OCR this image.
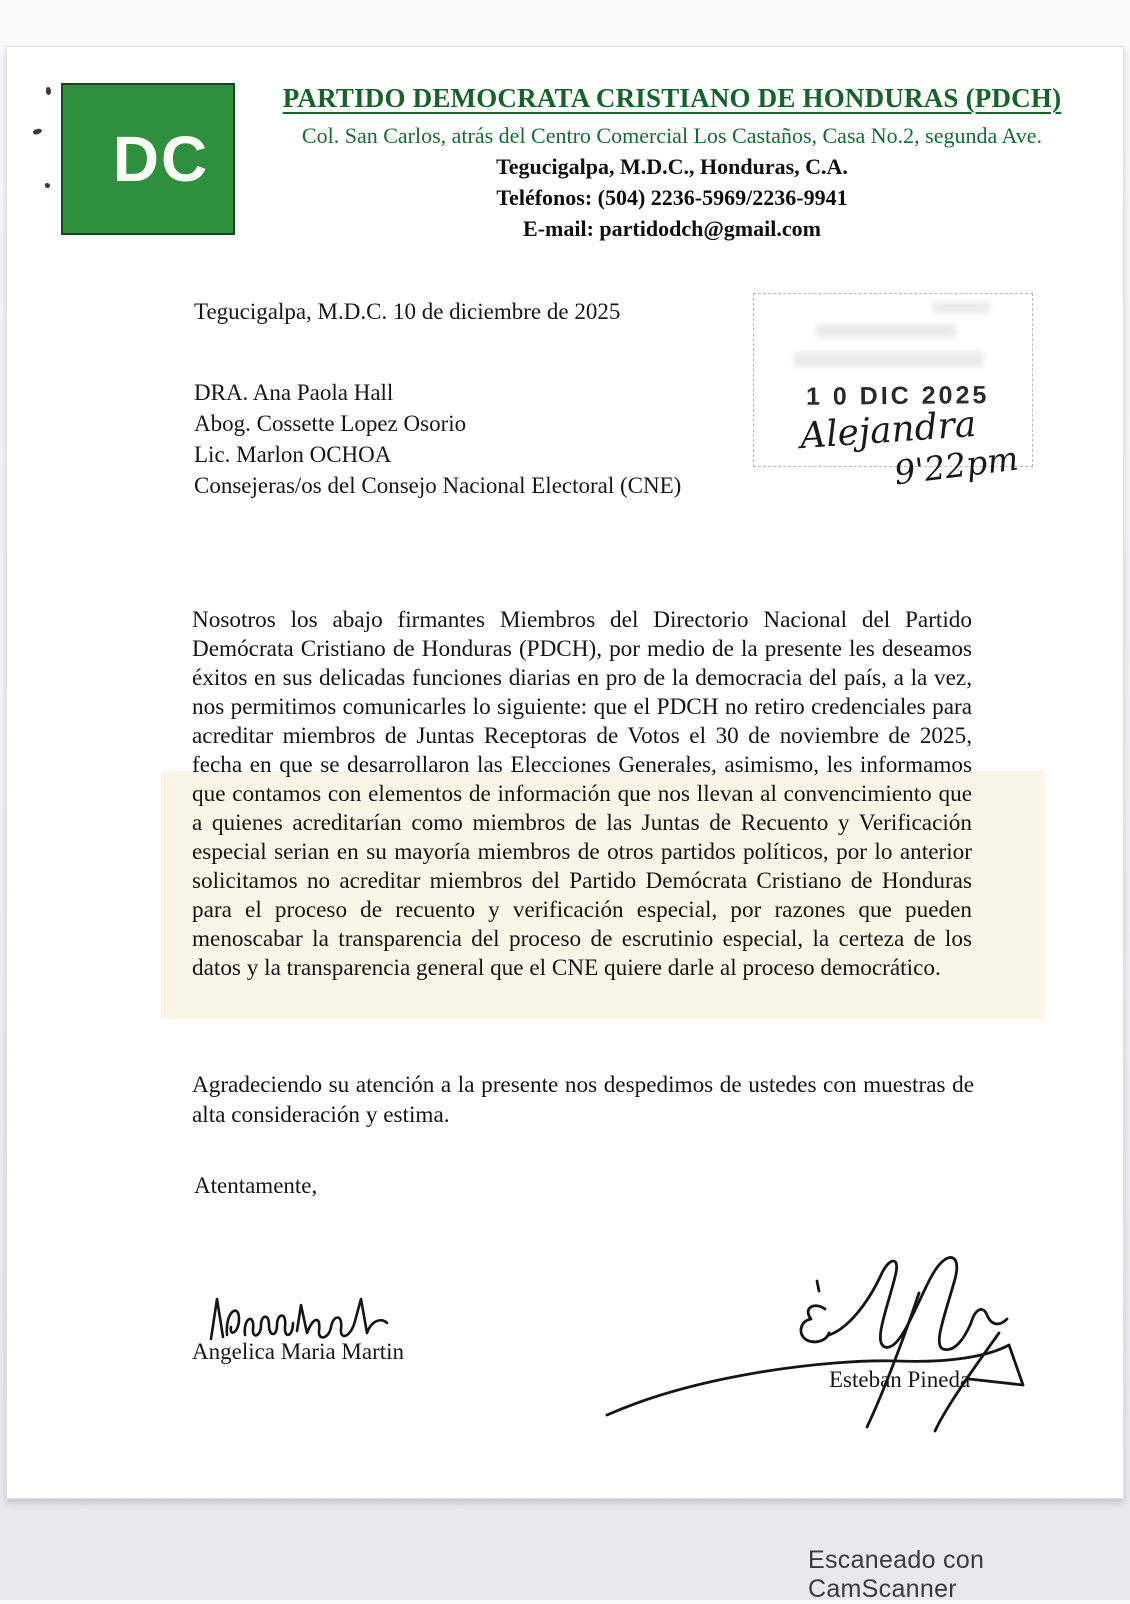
DC
PARTIDO DEMOCRATA CRISTIANO DE HONDURAS (PDCH)
Col. San Carlos, atrás del Centro Comercial Los Castaños, Casa No.2, segunda Ave.
Tegucigalpa, M.D.C., Honduras, C.A.
Teléfonos: (504) 2236-5969/2236-9941
E-mail: partidodch@gmail.com
Tegucigalpa, M.D.C. 10 de diciembre de 2025
1 0 DIC 2025
Alejandra
9'22pm
DRA. Ana Paola Hall
Abog. Cossette Lopez Osorio
Lic. Marlon OCHOA
Consejeras/os del Consejo Nacional Electoral (CNE)

Nosotros los abajo firmantes Miembros del Directorio Nacional del Partido Demócrata Cristiano de Honduras (PDCH), por medio de la presente les deseamos éxitos en sus delicadas funciones diarias en pro de la democracia del país, a la vez, nos permitimos comunicarles lo siguiente: que el PDCH no retiro credenciales para acreditar miembros de Juntas Receptoras de Votos el 30 de noviembre de 2025, fecha en que se desarrollaron las Elecciones Generales, asimismo, les informamos que contamos con elementos de información que nos llevan al convencimiento que a quienes acreditarían como miembros de las Juntas de Recuento y Verificación especial serian en su mayoría miembros de otros partidos políticos, por lo anterior solicitamos no acreditar miembros del Partido Demócrata Cristiano de Honduras para el proceso de recuento y verificación especial, por razones que pueden menoscabar la transparencia del proceso de escrutinio especial, la certeza de los datos y la transparencia general que el CNE quiere darle al proceso democrático.

Agradeciendo su atención a la presente nos despedimos de ustedes con muestras de alta consideración y estima.

Atentamente,
Angelica Maria Martin
Esteban Pineda
Escaneado con CamScanner
